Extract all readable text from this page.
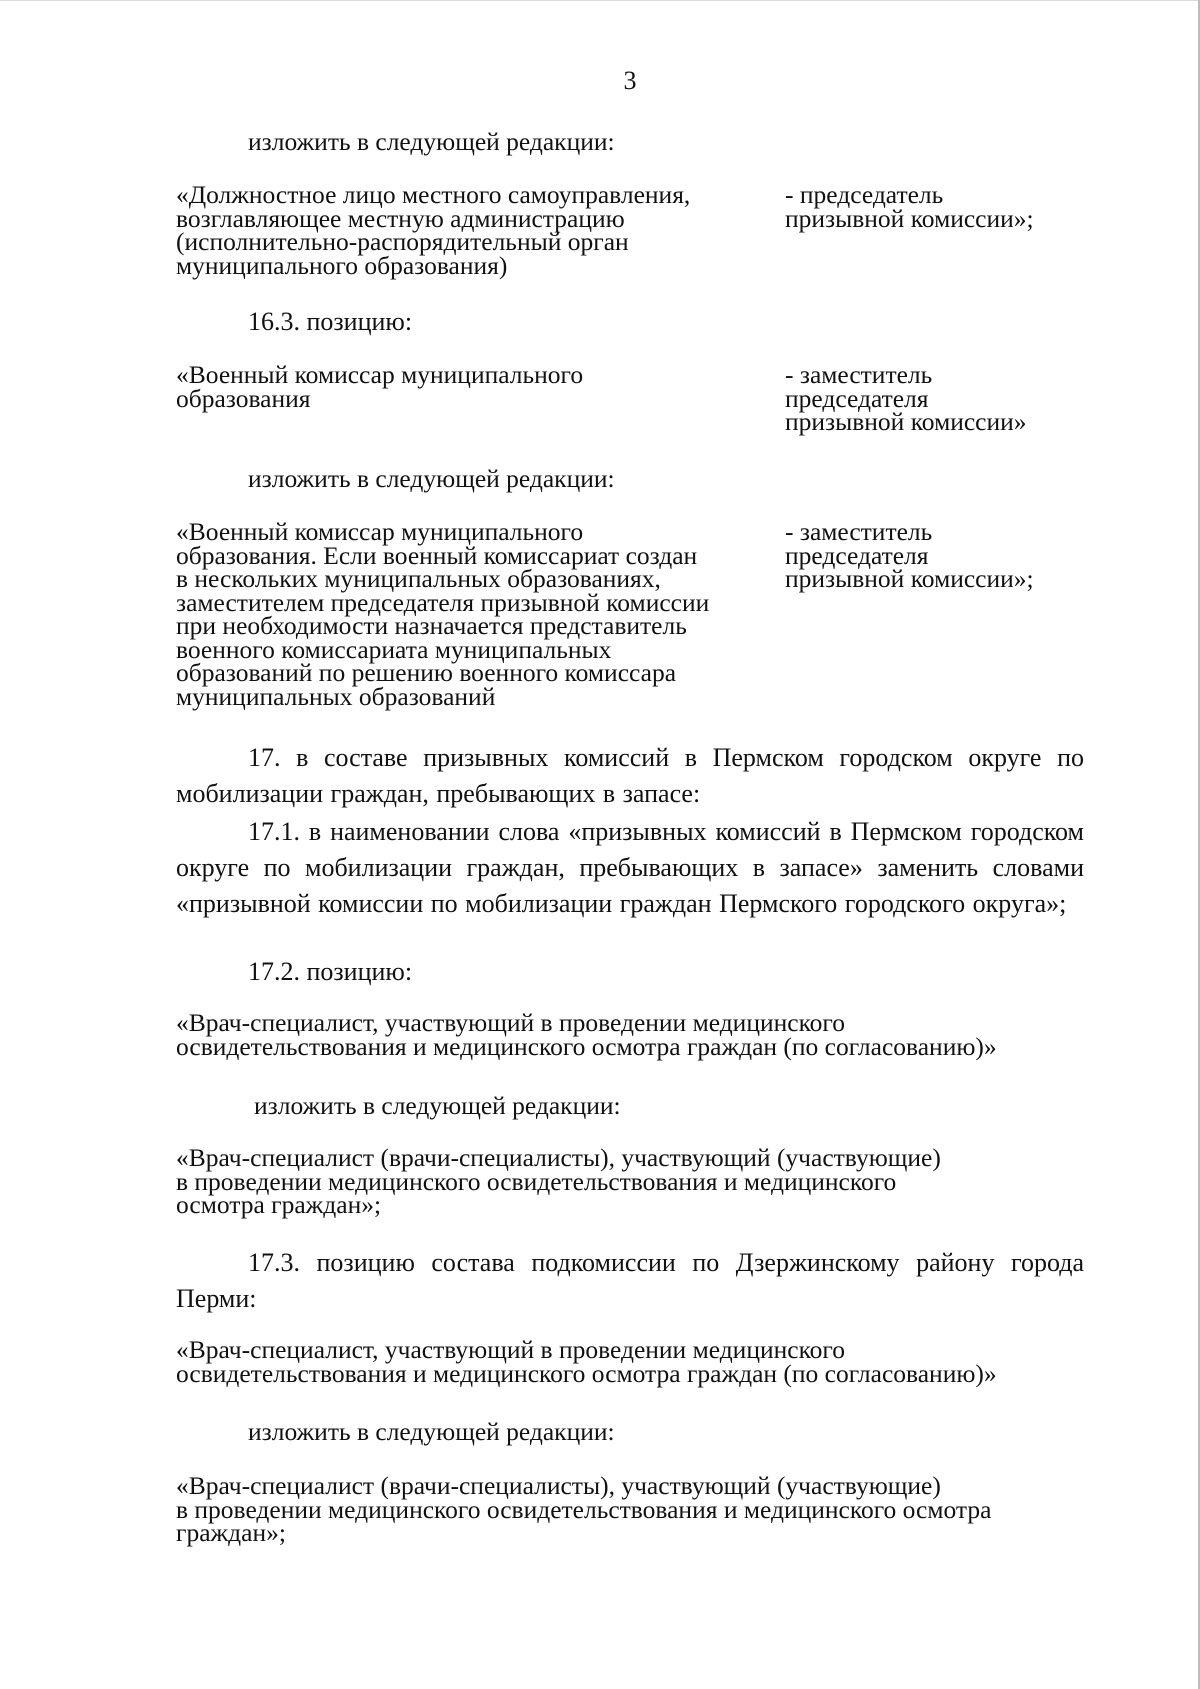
3
изложить в следующей редакции:
«Должностное лицо местного самоуправления,
возглавляющее местную администрацию
(исполнительно-распорядительный орган
муниципального образования)
- председатель
призывной комиссии»;
16.3. позицию:
«Военный комиссар муниципального
образования
- заместитель
председателя
призывной комиссии»
изложить в следующей редакции:
«Военный комиссар муниципального
образования. Если военный комиссариат создан
в нескольких муниципальных образованиях,
заместителем председателя призывной комиссии
при необходимости назначается представитель
военного комиссариата муниципальных
образований по решению военного комиссара
муниципальных образований
- заместитель
председателя
призывной комиссии»;
17. в составе призывных комиссий в Пермском городском округе по мобилизации граждан, пребывающих в запасе:
17.1. в наименовании слова «призывных комиссий в Пермском городском округе по мобилизации граждан, пребывающих в запасе» заменить словами «призывной комиссии по мобилизации граждан Пермского городского округа»;
17.2. позицию:
«Врач-специалист, участвующий в проведении медицинского
освидетельствования и медицинского осмотра граждан (по согласованию)»
изложить в следующей редакции:
«Врач-специалист (врачи-специалисты), участвующий (участвующие)
в проведении медицинского освидетельствования и медицинского
осмотра граждан»;
17.3. позицию состава подкомиссии по Дзержинскому району города Перми:
«Врач-специалист, участвующий в проведении медицинского
освидетельствования и медицинского осмотра граждан (по согласованию)»
изложить в следующей редакции:
«Врач-специалист (врачи-специалисты), участвующий (участвующие)
в проведении медицинского освидетельствования и медицинского осмотра
граждан»;
